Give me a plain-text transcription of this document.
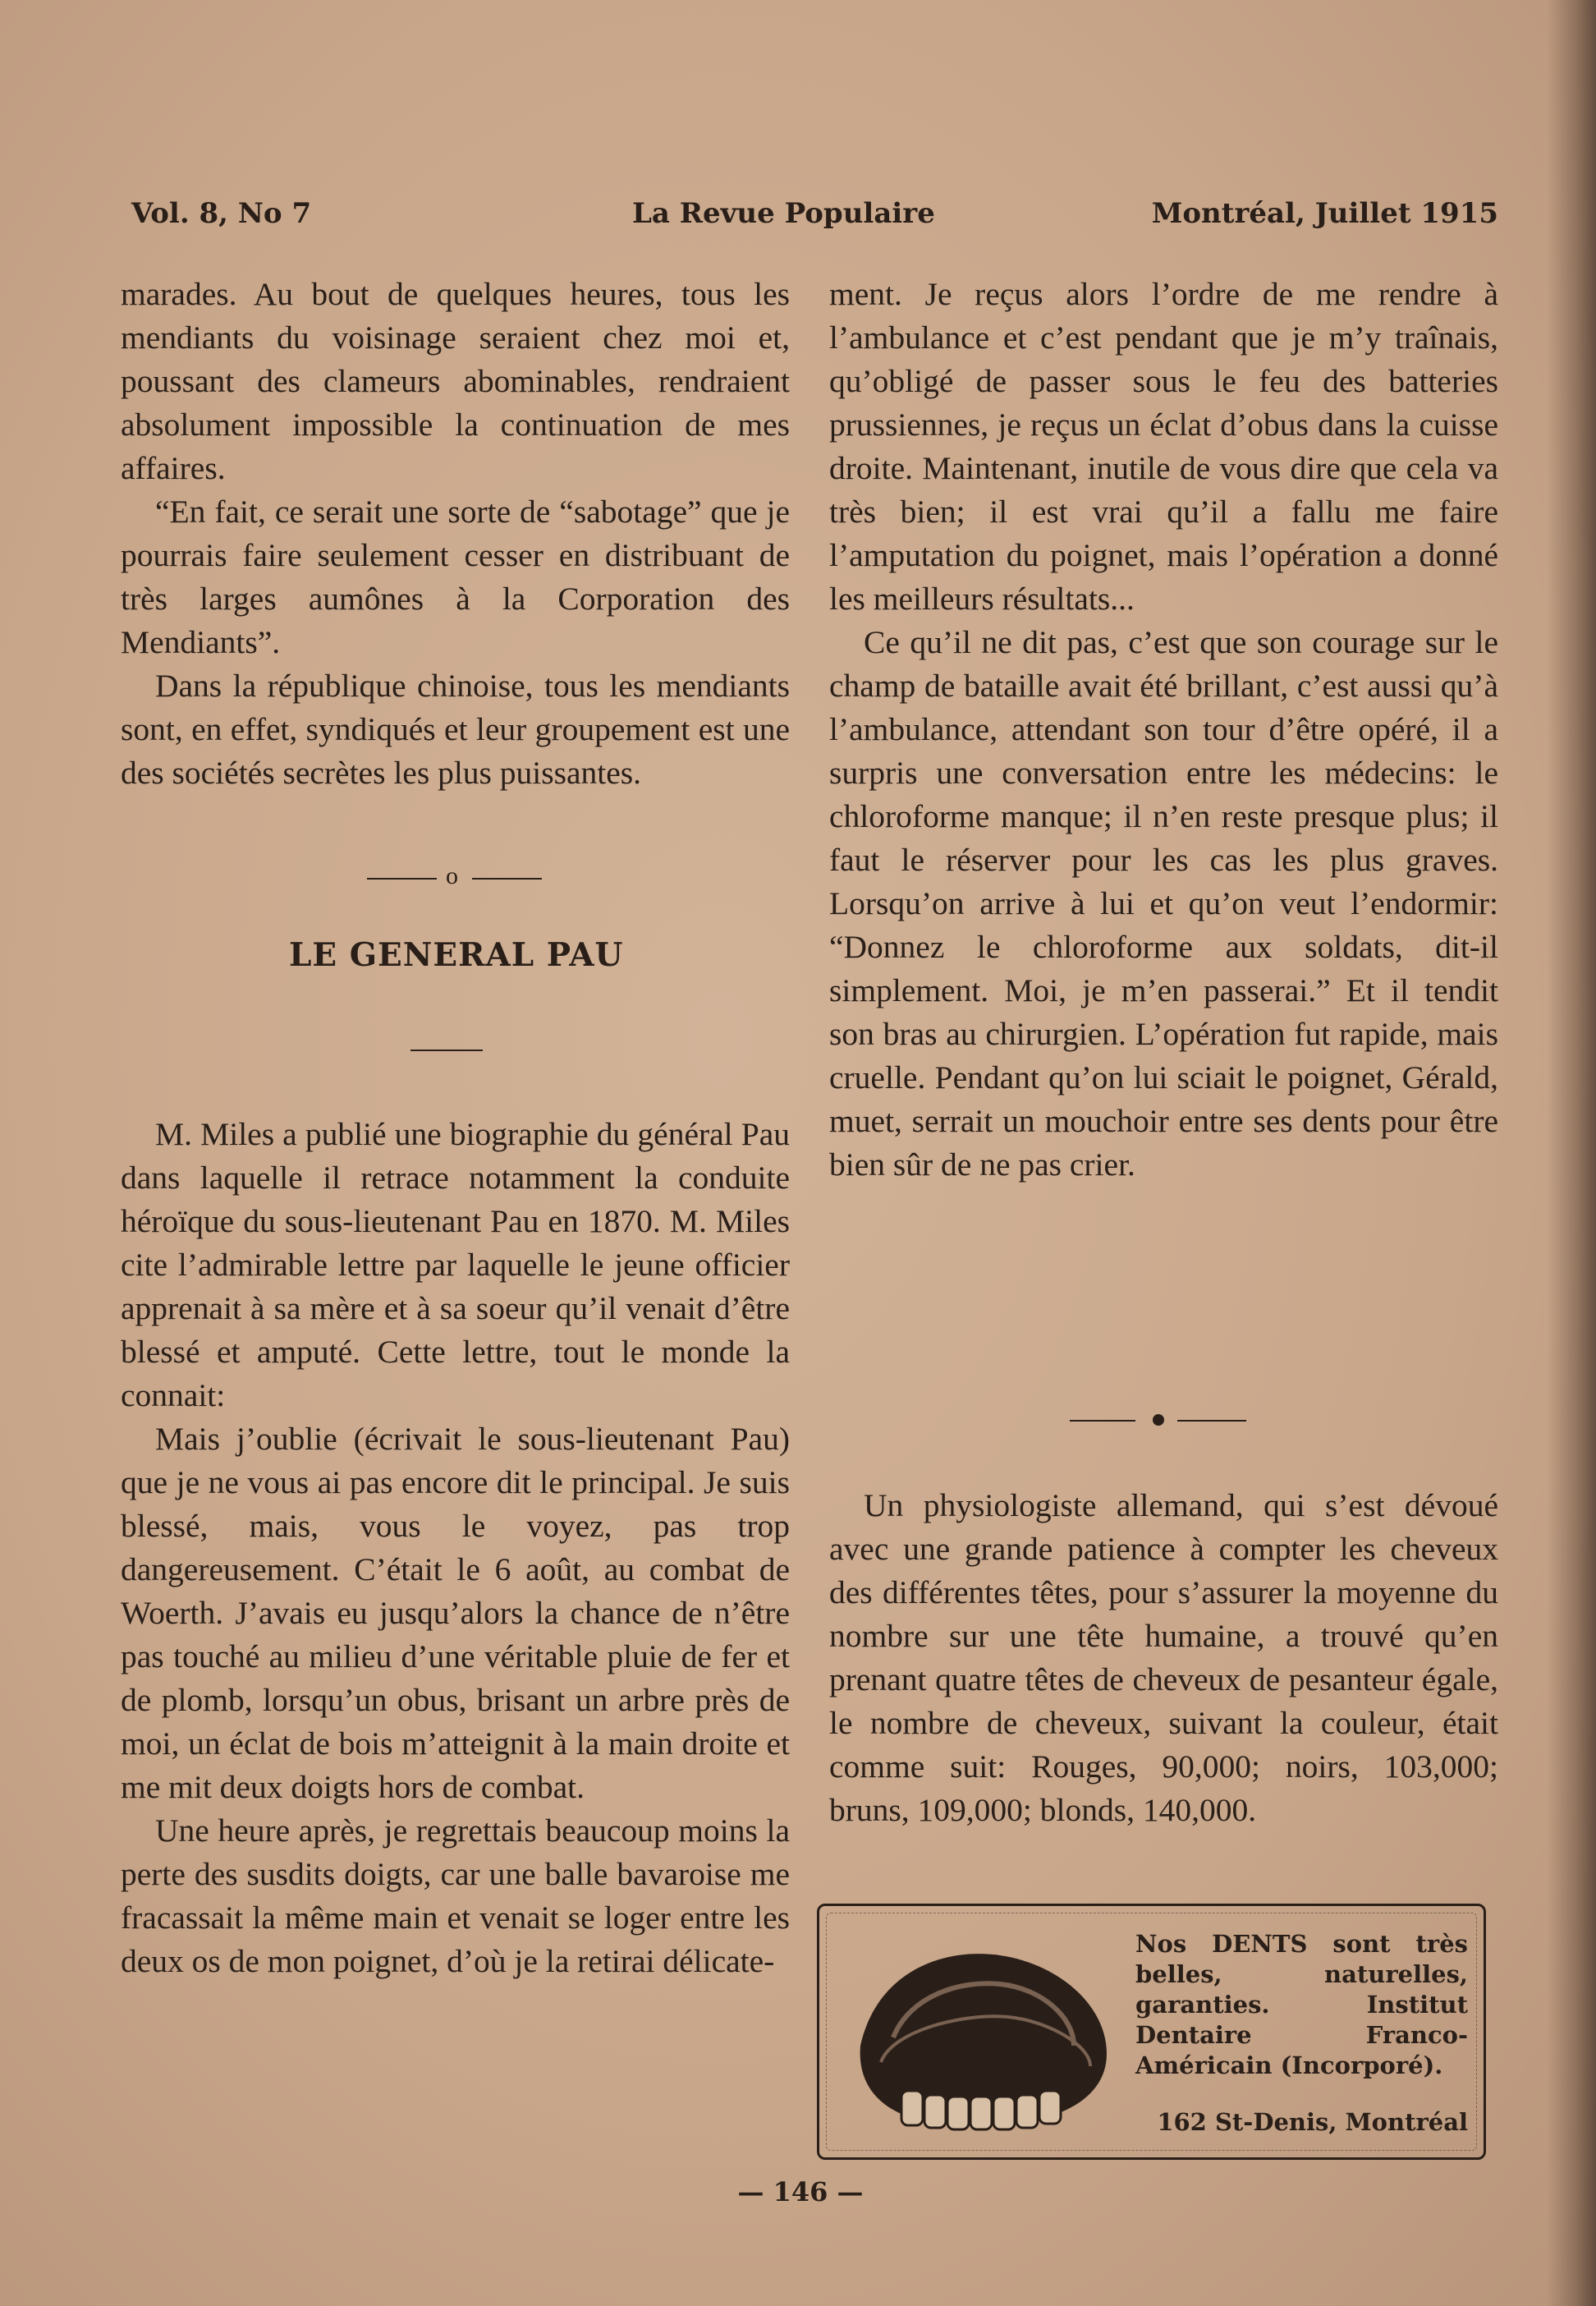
Vol. 8, No 7	La Revue Populaire	Montréal, Juillet 1915

marades. Au bout de quelques heures, tous les mendiants du voisinage seraient chez moi et, poussant des clameurs abominables, rendraient absolument impossible la continuation de mes affaires.

“En fait, ce serait une sorte de “sabotage” que je pourrais faire seulement cesser en distribuant de très larges aumônes à la Corporation des Mendiants”.

Dans la république chinoise, tous les mendiants sont, en effet, syndiqués et leur groupement est une des sociétés secrètes les plus puissantes.

o
LE GENERAL PAU

M. Miles a publié une biographie du général Pau dans laquelle il retrace notamment la conduite héroïque du sous-lieutenant Pau en 1870. M. Miles cite l’admirable lettre par laquelle le jeune officier apprenait à sa mère et à sa soeur qu’il venait d’être blessé et amputé. Cette lettre, tout le monde la connait:

Mais j’oublie (écrivait le sous-lieutenant Pau) que je ne vous ai pas encore dit le principal. Je suis blessé, mais, vous le voyez, pas trop dangereusement. C’était le 6 août, au combat de Woerth. J’avais eu jusqu’alors la chance de n’être pas touché au milieu d’une véritable pluie de fer et de plomb, lorsqu’un obus, brisant un arbre près de moi, un éclat de bois m’atteignit à la main droite et me mit deux doigts hors de combat.

Une heure après, je regrettais beaucoup moins la perte des susdits doigts, car une balle bavaroise me fracassait la même main et venait se loger entre les deux os de mon poignet, d’où je la retirai délicate-

ment. Je reçus alors l’ordre de me rendre à l’ambulance et c’est pendant que je m’y traînais, qu’obligé de passer sous le feu des batteries prussiennes, je reçus un éclat d’obus dans la cuisse droite. Maintenant, inutile de vous dire que cela va très bien; il est vrai qu’il a fallu me faire l’amputation du poignet, mais l’opération a donné les meilleurs résultats...

Ce qu’il ne dit pas, c’est que son courage sur le champ de bataille avait été brillant, c’est aussi qu’à l’ambulance, attendant son tour d’être opéré, il a surpris une conversation entre les médecins: le chloroforme manque; il n’en reste presque plus; il faut le réserver pour les cas les plus graves. Lorsqu’on arrive à lui et qu’on veut l’endormir: “Donnez le chloroforme aux soldats, dit-il simplement. Moi, je m’en passerai.” Et il tendit son bras au chirurgien. L’opération fut rapide, mais cruelle. Pendant qu’on lui sciait le poignet, Gérald, muet, serrait un mouchoir entre ses dents pour être bien sûr de ne pas crier.

Un physiologiste allemand, qui s’est dévoué avec une grande patience à compter les cheveux des différentes têtes, pour s’assurer la moyenne du nombre sur une tête humaine, a trouvé qu’en prenant quatre têtes de cheveux de pesanteur égale, le nombre de cheveux, suivant la couleur, était comme suit: Rouges, 90,000; noirs, 103,000; bruns, 109,000; blonds, 140,000.

Nos DENTS sont très belles, naturelles, garanties. Institut Dentaire Franco-Américain (Incorporé).
162 St-Denis, Montréal
— 146 —
